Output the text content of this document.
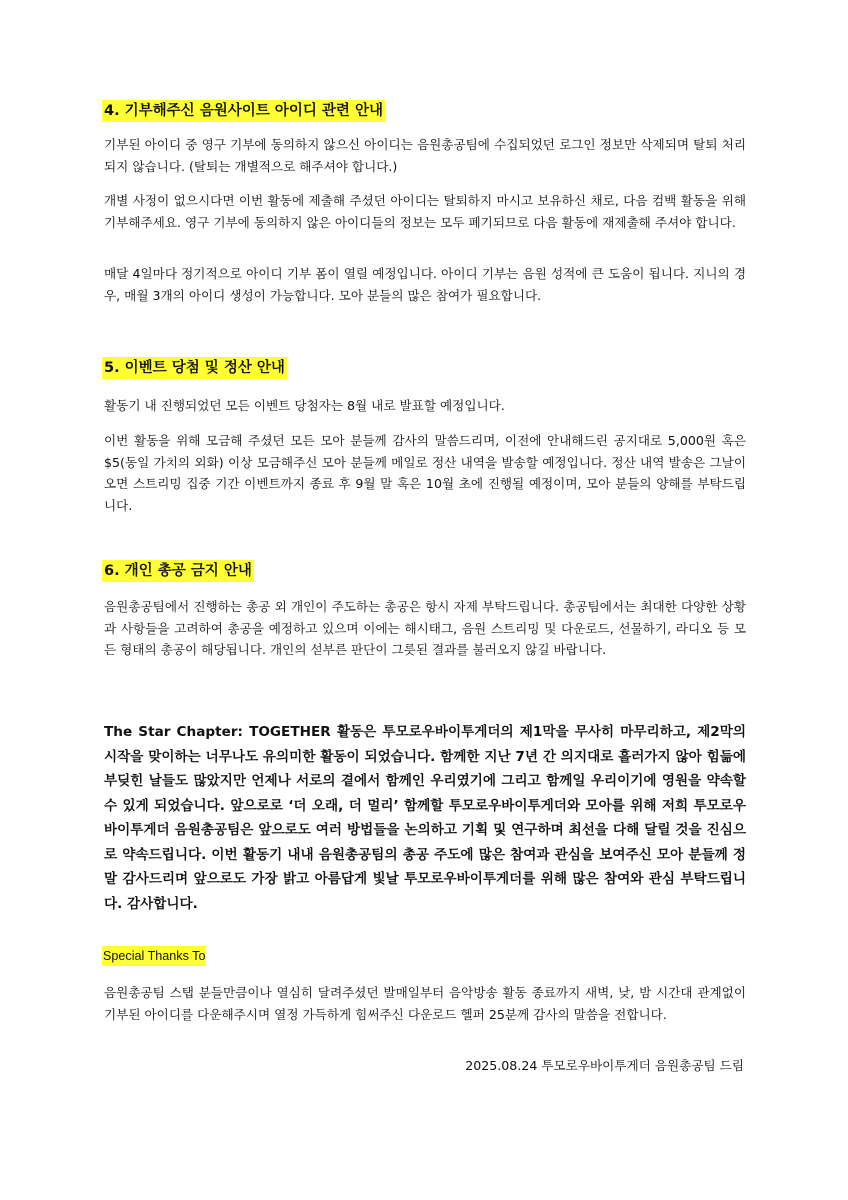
4. 기부해주신 음원사이트 아이디 관련 안내

기부된 아이디 중 영구 기부에 동의하지 않으신 아이디는 음원총공팀에 수집되었던 로그인 정보만 삭제되며 탈퇴 처리되지 않습니다. (탈퇴는 개별적으로 해주셔야 합니다.)

개별 사정이 없으시다면 이번 활동에 제출해 주셨던 아이디는 탈퇴하지 마시고 보유하신 채로, 다음 컴백 활동을 위해 기부해주세요. 영구 기부에 동의하지 않은 아이디들의 정보는 모두 폐기되므로 다음 활동에 재제출해 주셔야 합니다.

매달 4일마다 정기적으로 아이디 기부 폼이 열릴 예정입니다. 아이디 기부는 음원 성적에 큰 도움이 됩니다. 지니의 경우, 매월 3개의 아이디 생성이 가능합니다. 모아 분들의 많은 참여가 필요합니다.

5. 이벤트 당첨 및 정산 안내

활동기 내 진행되었던 모든 이벤트 당첨자는 8월 내로 발표할 예정입니다.

이번 활동을 위해 모금해 주셨던 모든 모아 분들께 감사의 말씀드리며, 이전에 안내해드린 공지대로 5,000원 혹은 $5(동일 가치의 외화) 이상 모금해주신 모아 분들께 메일로 정산 내역을 발송할 예정입니다. 정산 내역 발송은 그날이 오면 스트리밍 집중 기간 이벤트까지 종료 후 9월 말 혹은 10월 초에 진행될 예정이며, 모아 분들의 양해를 부탁드립니다.

6. 개인 총공 금지 안내

음원총공팀에서 진행하는 총공 외 개인이 주도하는 총공은 항시 자제 부탁드립니다. 총공팀에서는 최대한 다양한 상황과 사항들을 고려하여 총공을 예정하고 있으며 이에는 해시태그, 음원 스트리밍 및 다운로드, 선물하기, 라디오 등 모든 형태의 총공이 해당됩니다. 개인의 섣부른 판단이 그릇된 결과를 불러오지 않길 바랍니다.

The Star Chapter: TOGETHER 활동은 투모로우바이투게더의 제1막을 무사히 마무리하고, 제2막의 시작을 맞이하는 너무나도 유의미한 활동이 되었습니다. 함께한 지난 7년 간 의지대로 흘러가지 않아 힘듦에 부딪힌 날들도 많았지만 언제나 서로의 곁에서 함께인 우리였기에 그리고 함께일 우리이기에 영원을 약속할 수 있게 되었습니다. 앞으로로 ‘더 오래, 더 멀리’ 함께할 투모로우바이투게더와 모아를 위해 저희 투모로우바이투게더 음원총공팀은 앞으로도 여러 방법들을 논의하고 기획 및 연구하며 최선을 다해 달릴 것을 진심으로 약속드립니다. 이번 활동기 내내 음원총공팀의 총공 주도에 많은 참여과 관심을 보여주신 모아 분들께 정말 감사드리며 앞으로도 가장 밝고 아름답게 빛날 투모로우바이투게더를 위해 많은 참여와 관심 부탁드립니다. 감사합니다.

Special Thanks To

음원총공팀 스탭 분들만큼이나 열심히 달려주셨던 발매일부터 음악방송 활동 종료까지 새벽, 낮, 밤 시간대 관계없이 기부된 아이디를 다운해주시며 열정 가득하게 힘써주신 다운로드 헬퍼 25분께 감사의 말씀을 전합니다.

2025.08.24 투모로우바이투게더 음원총공팀 드림
